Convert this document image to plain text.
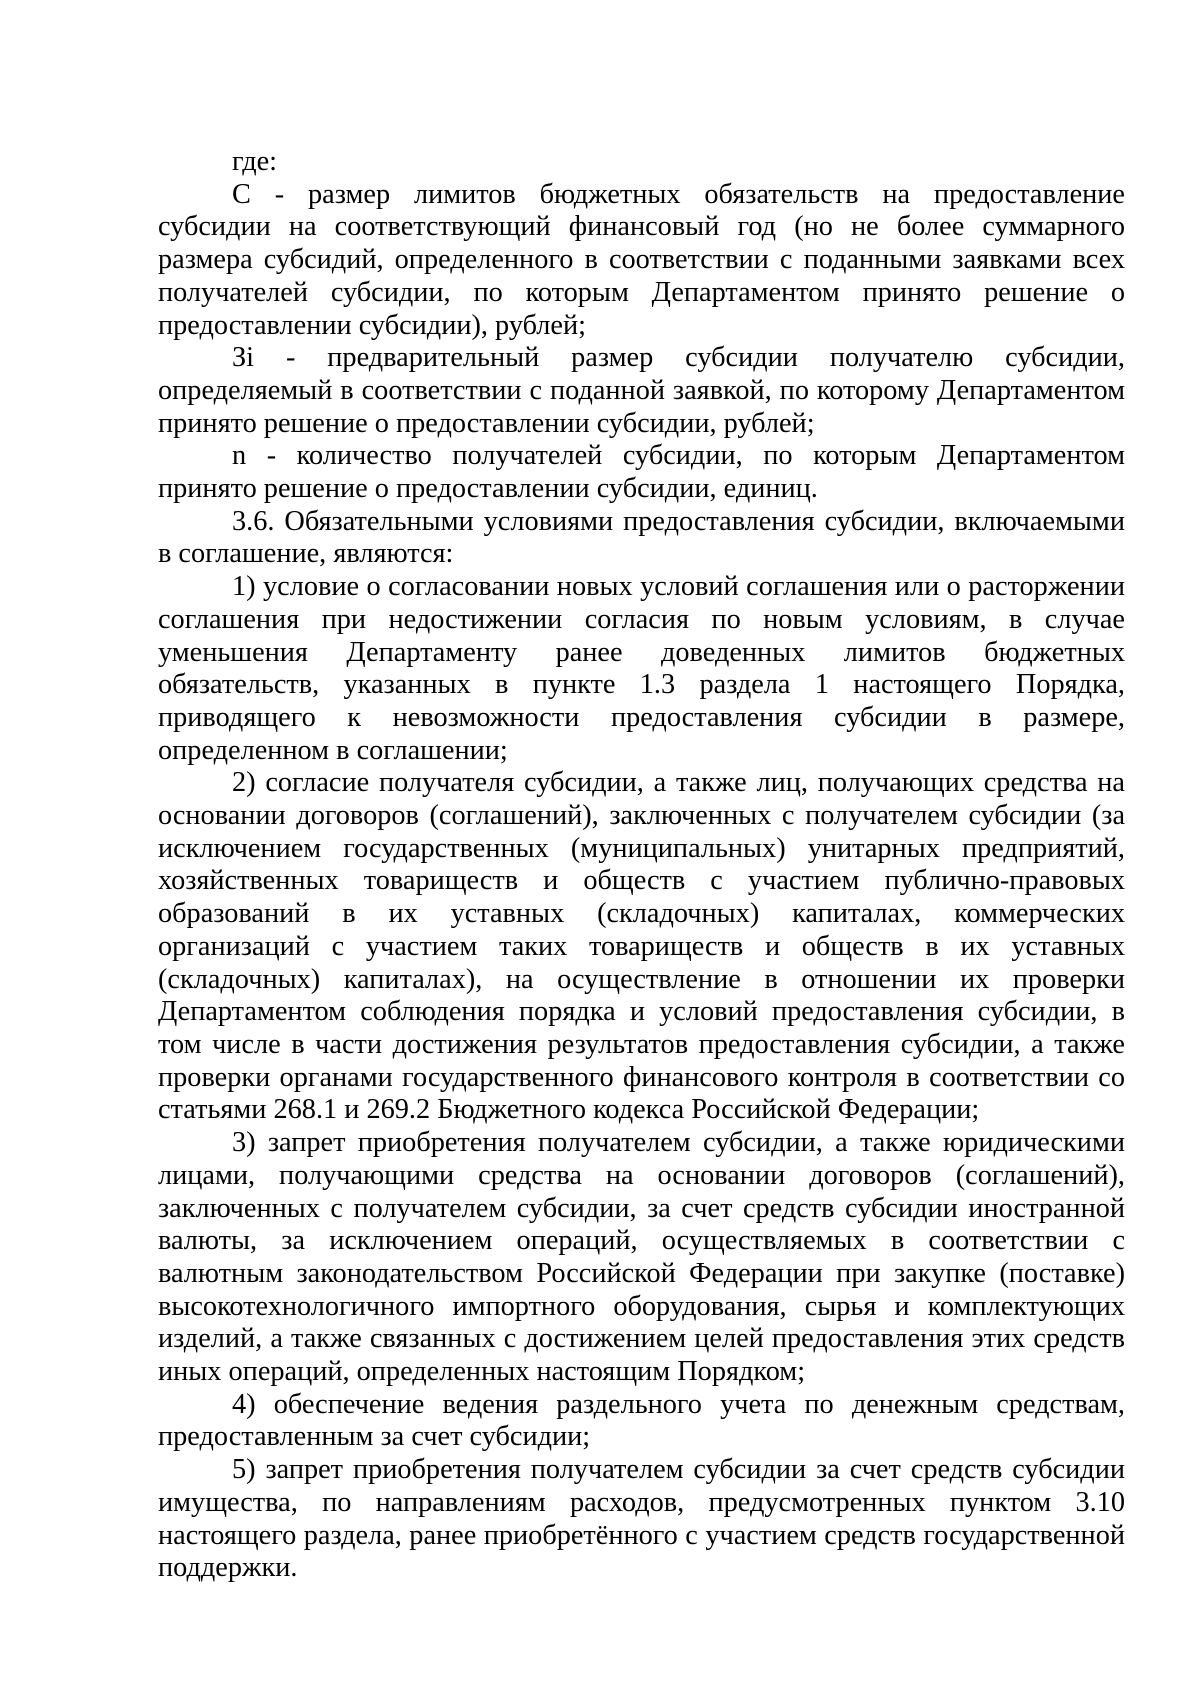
где:

С - размер лимитов бюджетных обязательств на предоставление субсидии на соответствующий финансовый год (но не более суммарного размера субсидий, определенного в соответствии с поданными заявками всех получателей субсидии, по которым Департаментом принято решение о предоставлении субсидии), рублей;

Зi - предварительный размер субсидии получателю субсидии, определяемый в соответствии с поданной заявкой, по которому Департаментом принято решение о предоставлении субсидии, рублей;

n - количество получателей субсидии, по которым Департаментом принято решение о предоставлении субсидии, единиц.

3.6. Обязательными условиями предоставления субсидии, включаемыми в соглашение, являются:

1) условие о согласовании новых условий соглашения или о расторжении соглашения при недостижении согласия по новым условиям, в случае уменьшения Департаменту ранее доведенных лимитов бюджетных обязательств, указанных в пункте 1.3 раздела 1 настоящего Порядка, приводящего к невозможности предоставления субсидии в размере, определенном в соглашении;

2) согласие получателя субсидии, а также лиц, получающих средства на основании договоров (соглашений), заключенных с получателем субсидии (за исключением государственных (муниципальных) унитарных предприятий, хозяйственных товариществ и обществ с участием публично-правовых образований в их уставных (складочных) капиталах, коммерческих организаций с участием таких товариществ и обществ в их уставных (складочных) капиталах), на осуществление в отношении их проверки Департаментом соблюдения порядка и условий предоставления субсидии, в том числе в части достижения результатов предоставления субсидии, а также проверки органами государственного финансового контроля в соответствии со статьями 268.1 и 269.2 Бюджетного кодекса Российской Федерации;

3) запрет приобретения получателем субсидии, а также юридическими лицами, получающими средства на основании договоров (соглашений), заключенных с получателем субсидии, за счет средств субсидии иностранной валюты, за исключением операций, осуществляемых в соответствии с валютным законодательством Российской Федерации при закупке (поставке) высокотехнологичного импортного оборудования, сырья и комплектующих изделий, а также связанных с достижением целей предоставления этих средств иных операций, определенных настоящим Порядком;

4) обеспечение ведения раздельного учета по денежным средствам, предоставленным за счет субсидии;

5) запрет приобретения получателем субсидии за счет средств субсидии имущества, по направлениям расходов, предусмотренных пунктом 3.10 настоящего раздела, ранее приобретённого с участием средств государственной поддержки.
